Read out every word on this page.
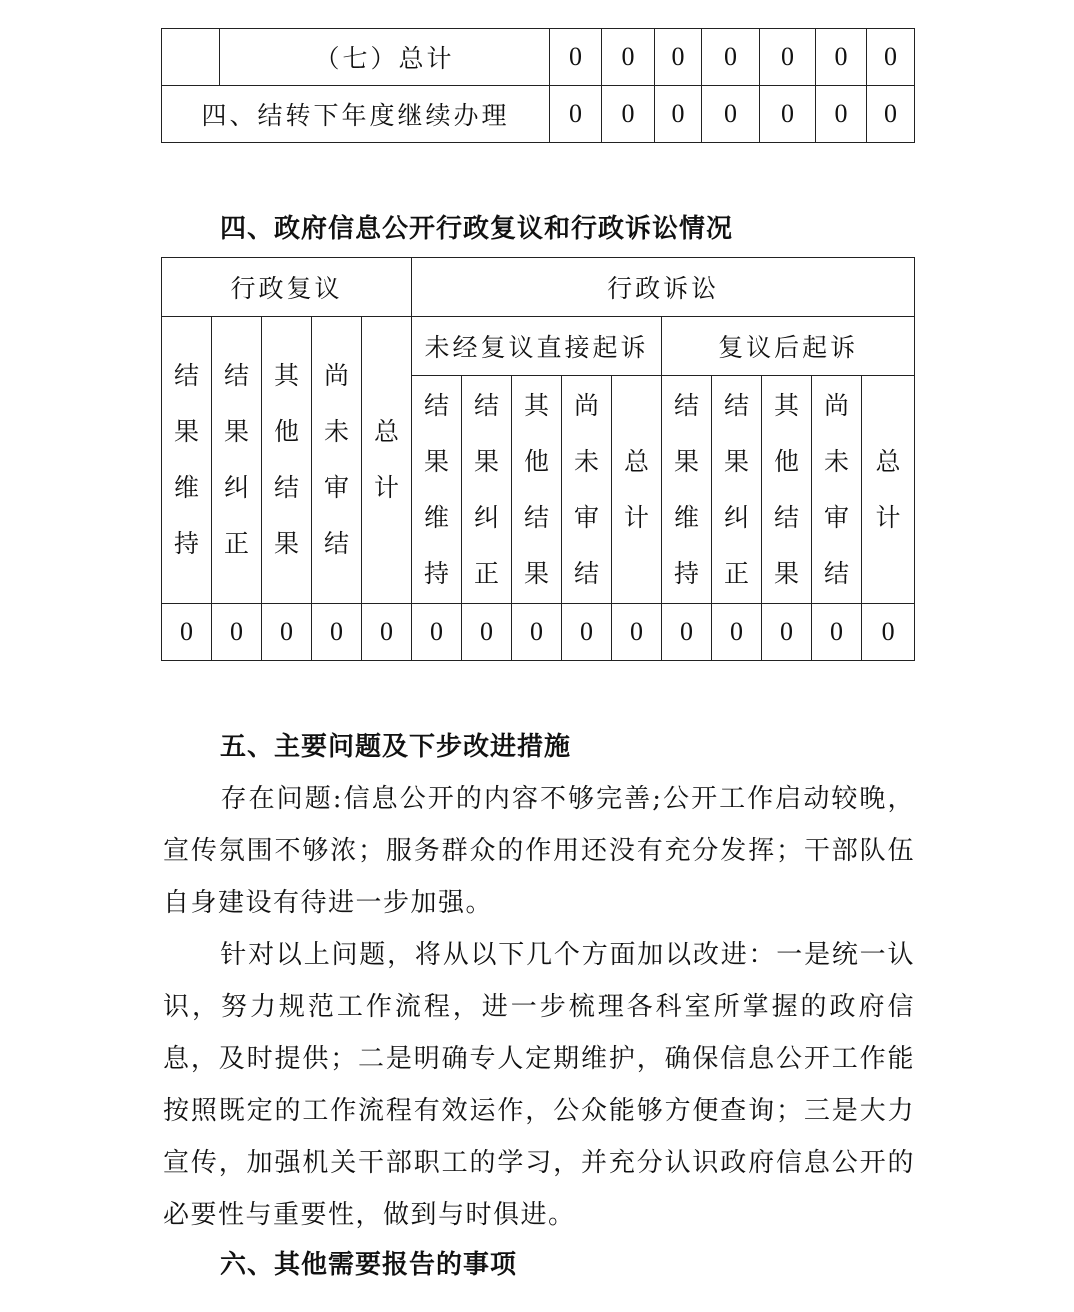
	（七）总计	0	0	0	0	0	0	0
四、结转下年度继续办理		0	0	0	0	0	0	0
四、政府信息公开行政复议和行政诉讼情况
行政复议					行政诉讼									
结果维持	结果纠正	其他结果	尚未审结	总计	未经复议直接起诉					复议后起诉				
					结果维持	结果纠正	其他结果	尚未审结	总计	结果维持	结果纠正	其他结果	尚未审结	总计
0	0	0	0	0	0	0	0	0	0	0	0	0	0	0
五、主要问题及下步改进措施
存在问题:信息公开的内容不够完善;公开工作启动较晚，宣传氛围不够浓；服务群众的作用还没有充分发挥；干部队伍自身建设有待进一步加强。
针对以上问题，将从以下几个方面加以改进：一是统一认识，努力规范工作流程，进一步梳理各科室所掌握的政府信息，及时提供；二是明确专人定期维护，确保信息公开工作能按照既定的工作流程有效运作，公众能够方便查询；三是大力宣传，加强机关干部职工的学习，并充分认识政府信息公开的必要性与重要性，做到与时俱进。
六、其他需要报告的事项
